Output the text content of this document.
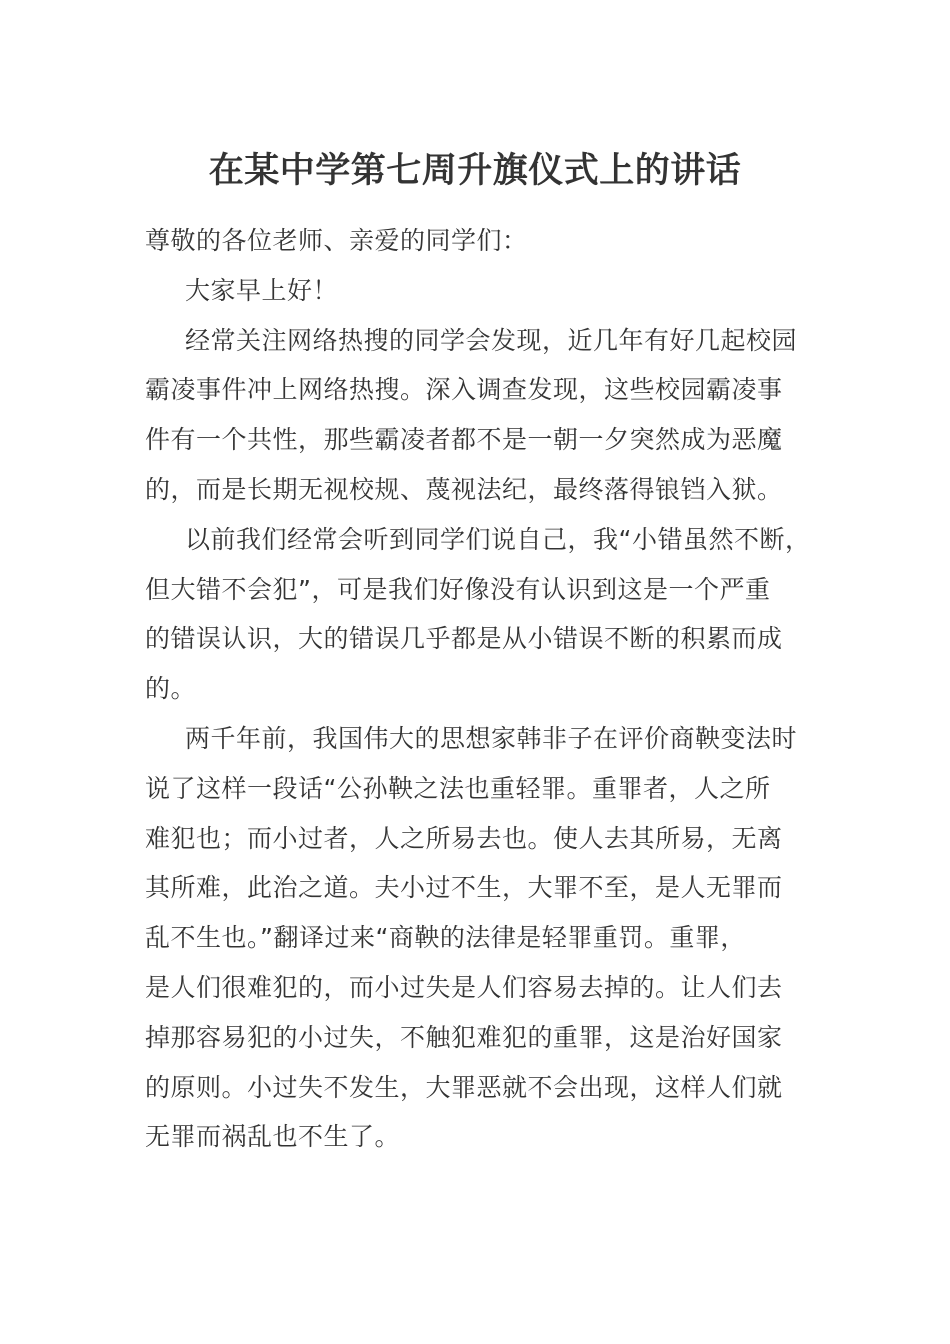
在某中学第七周升旗仪式上的讲话
尊敬的各位老师、亲爱的同学们：
大家早上好！
经常关注网络热搜的同学会发现，近几年有好几起校园
霸凌事件冲上网络热搜。深入调查发现，这些校园霸凌事
件有一个共性，那些霸凌者都不是一朝一夕突然成为恶魔
的，而是长期无视校规、蔑视法纪，最终落得锒铛入狱。
以前我们经常会听到同学们说自己，我“小错虽然不断，
但大错不会犯”，可是我们好像没有认识到这是一个严重
的错误认识，大的错误几乎都是从小错误不断的积累而成
的。
两千年前，我国伟大的思想家韩非子在评价商鞅变法时
说了这样一段话“公孙鞅之法也重轻罪。重罪者，人之所
难犯也；而小过者，人之所易去也。使人去其所易，无离
其所难，此治之道。夫小过不生，大罪不至，是人无罪而
乱不生也。”翻译过来“商鞅的法律是轻罪重罚。重罪，
是人们很难犯的，而小过失是人们容易去掉的。让人们去
掉那容易犯的小过失，不触犯难犯的重罪，这是治好国家
的原则。小过失不发生，大罪恶就不会出现，这样人们就
无罪而祸乱也不生了。
